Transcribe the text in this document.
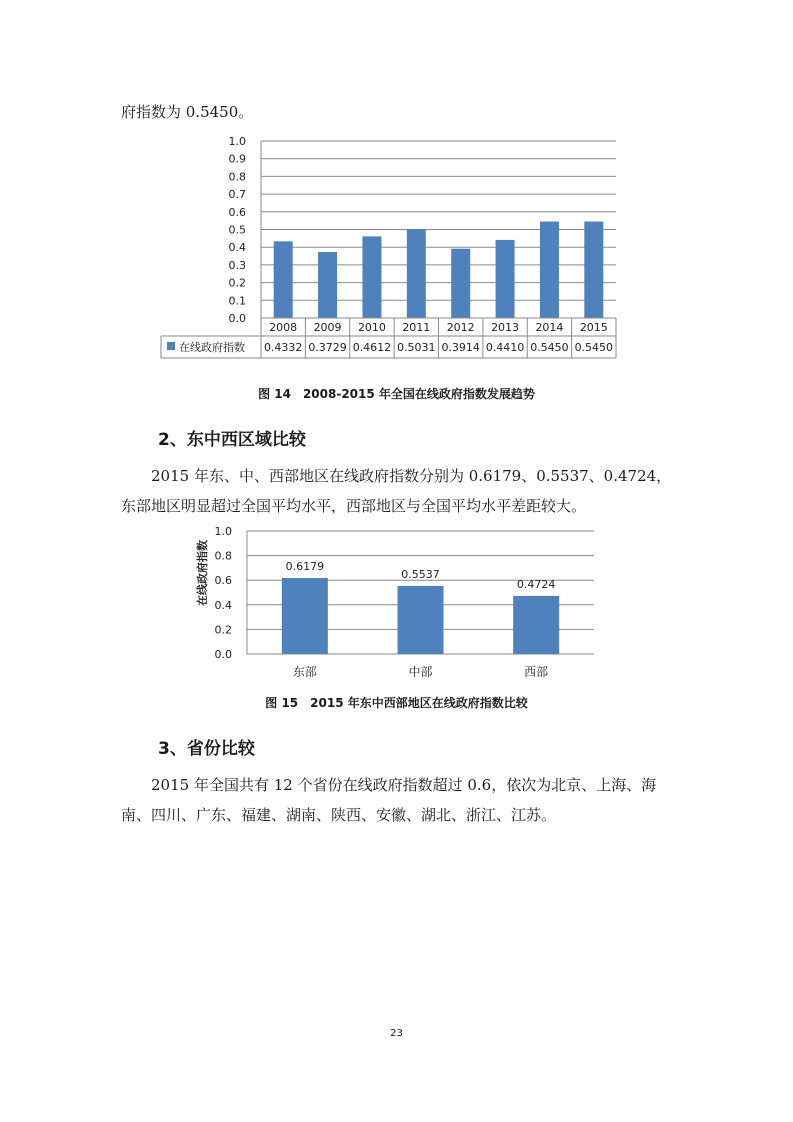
府指数为 0.5450。

0.0
0.1
0.2
0.3
0.4
0.5
0.6
0.7
0.8
0.9
1.0
2008 2009 2010 2011 2012 2013 2014 2015
在线政府指数 0.4332 0.3729 0.4612 0.5031 0.3914 0.4410 0.5450 0.5450

图 14　2008-2015 年全国在线政府指数发展趋势

2、东中西区域比较

2015 年东、中、西部地区在线政府指数分别为 0.6179、0.5537、0.4724，东部地区明显超过全国平均水平，西部地区与全国平均水平差距较大。

在线政府指数
0.0
0.2
0.4
0.6
0.8
1.0
0.6179
东部
0.5537
中部
0.4724
西部

图 15　2015 年东中西部地区在线政府指数比较

3、省份比较

2015 年全国共有 12 个省份在线政府指数超过 0.6，依次为北京、上海、海南、四川、广东、福建、湖南、陕西、安徽、湖北、浙江、江苏。

23
